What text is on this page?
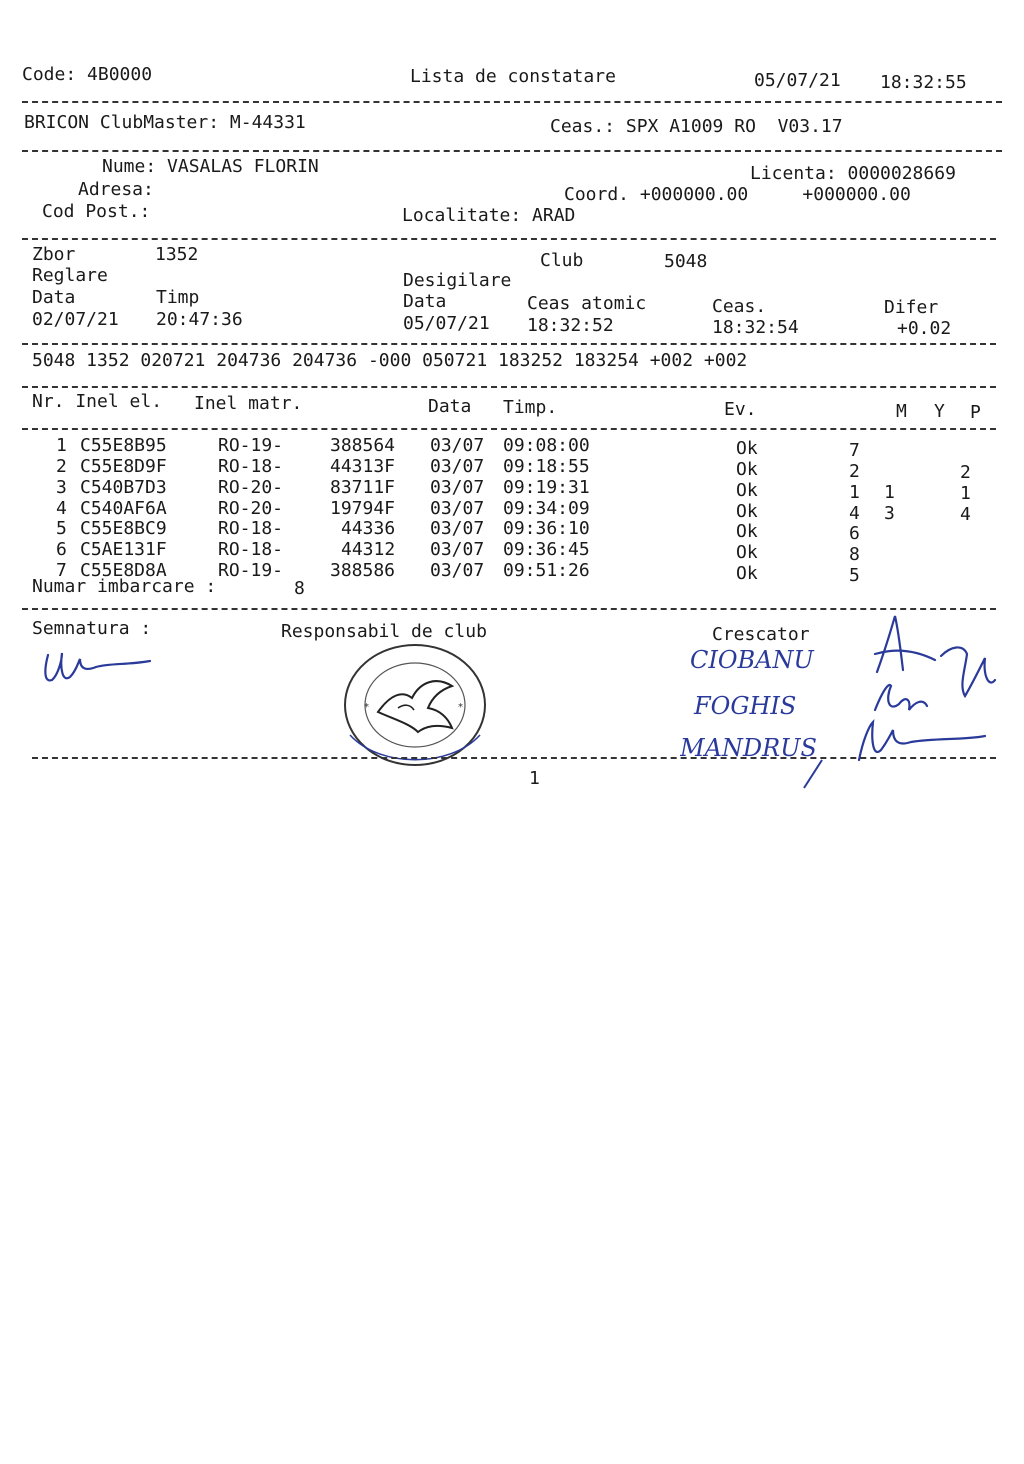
Code: 4B0000	Lista de constatare	05/07/21 18:32:55
BRICON ClubMaster: M-44331	Ceas.: SPX A1009 RO  V03.17
Nume: VASALAS FLORIN	Licenta: 0000028669
Adresa:	Coord. +000000.00     +000000.00
Cod Post.:	Localitate: ARAD
Zbor	1352	Club	5048
Reglare	Desigilare
Data	Timp	Data	Ceas atomic	Ceas.	Difer
02/07/21 20:47:36	05/07/21 18:32:52	18:32:54	+0.02
5048 1352 020721 204736 204736 -000 050721 183252 183254 +002 +002
Nr. Inel el. Inel matr.	Data Timp.	Ev.	M Y P
1 C55E8B95	RO-19-	388564 03/07 09:08:00	Ok	7
2 C55E8D9F	RO-18-	44313F 03/07 09:18:55	Ok	2	2
3 C540B7D3	RO-20-	83711F 03/07 09:19:31	Ok	1 1	1
4 C540AF6A	RO-20-	19794F 03/07 09:34:09	Ok	4 3	4
5 C55E8BC9	RO-18-	44336 03/07 09:36:10	Ok	6
6 C5AE131F	RO-18-	44312 03/07 09:36:45	Ok	8
7 C55E8D8A	RO-19-	388586 03/07 09:51:26	Ok	5
Numar imbarcare :	8
Semnatura :	Responsabil de club	Crescator
*	*
CIOBANU
FOGHIS
MANDRUS
1
